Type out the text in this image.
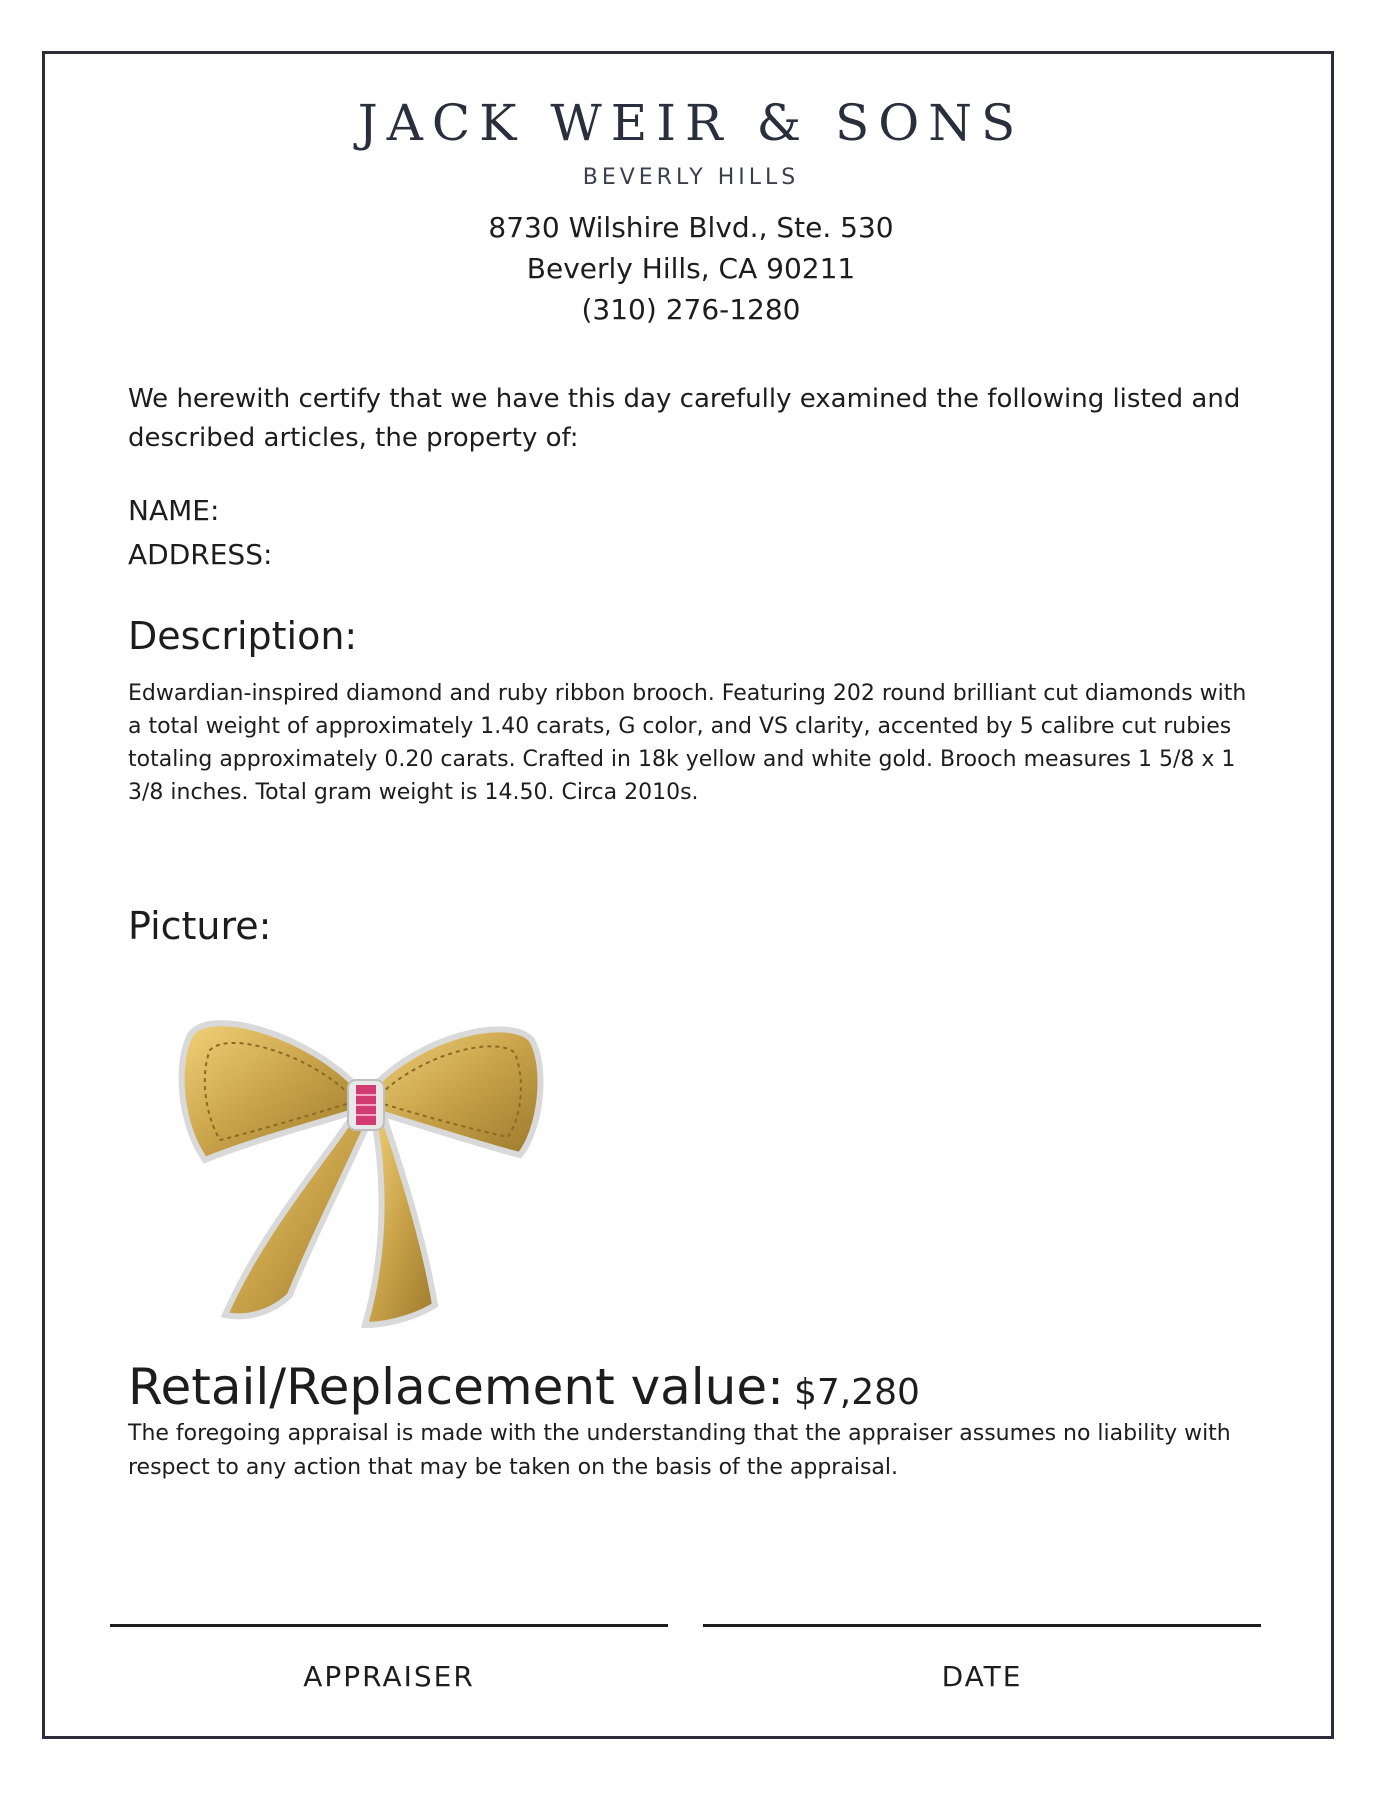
JACK WEIR & SONS
BEVERLY HILLS
8730 Wilshire Blvd., Ste. 530
Beverly Hills, CA 90211
(310) 276-1280
We herewith certify that we have this day carefully examined the following listed and described articles, the property of:
NAME:
ADDRESS:
Description:
Edwardian-inspired diamond and ruby ribbon brooch. Featuring 202 round brilliant cut diamonds with a total weight of approximately 1.40 carats, G color, and VS clarity, accented by 5 calibre cut rubies totaling approximately 0.20 carats. Crafted in 18k yellow and white gold. Brooch measures 1 5/8 x 1 3/8 inches. Total gram weight is 14.50. Circa 2010s.
Picture:
Retail/Replacement value: $7,280
The foregoing appraisal is made with the understanding that the appraiser assumes no liability with respect to any action that may be taken on the basis of the appraisal.
APPRAISER	DATE
